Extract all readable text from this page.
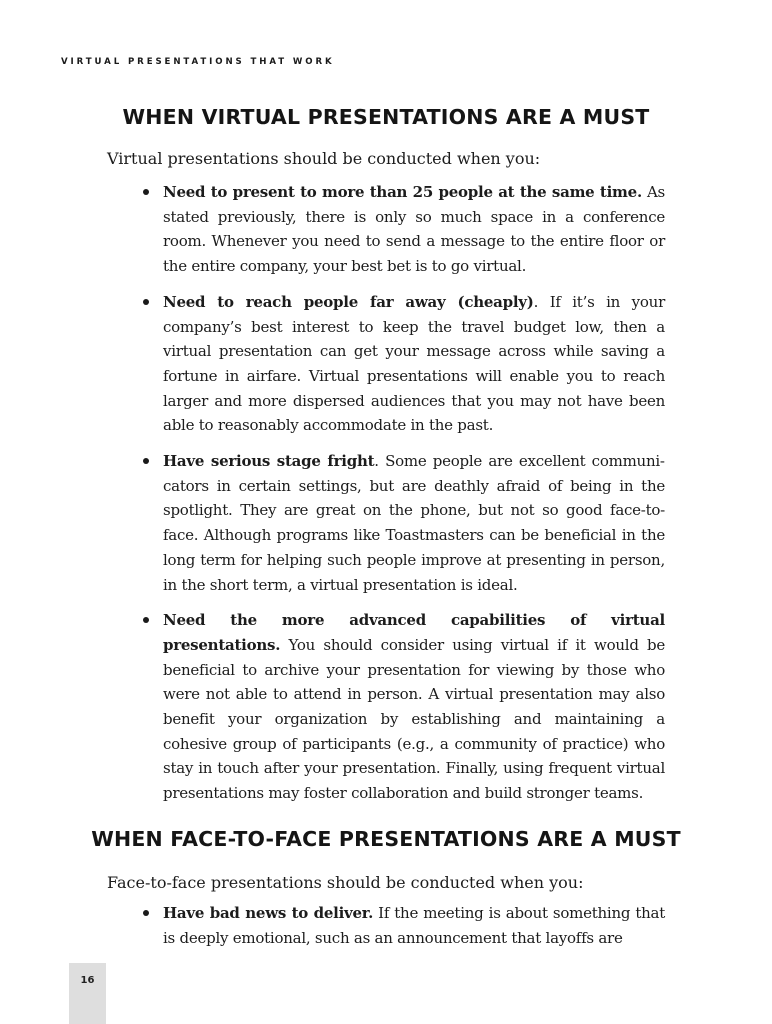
VIRTUAL PRESENTATIONS THAT WORK
WHEN VIRTUAL PRESENTATIONS ARE A MUST

Virtual presentations should be conducted when you:

Need to present to more than 25 people at the same time. As stated previously, there is only so much space in a conference room. Whenever you need to send a message to the entire floor or the entire company, your best bet is to go virtual.

Need to reach people far away (cheaply). If it’s in your company’s best interest to keep the travel budget low, then a virtual presentation can get your message across while saving a fortune in airfare. Virtual presentations will enable you to reach larger and more dispersed audiences that you may not have been able to reasonably accommodate in the past.

Have serious stage fright. Some people are excellent communicators in certain settings, but are deathly afraid of being in the spotlight. They are great on the phone, but not so good face-to-face. Although programs like Toastmasters can be beneficial in the long term for helping such people improve at presenting in person, in the short term, a virtual presentation is ideal.

Need the more advanced capabilities of virtual presentations. You should consider using virtual if it would be beneficial to archive your presentation for viewing by those who were not able to attend in person. A virtual presentation may also benefit your organization by establishing and maintaining a cohesive group of participants (e.g., a community of practice) who stay in touch after your presentation. Finally, using frequent virtual presentations may foster collaboration and build stronger teams.

WHEN FACE-TO-FACE PRESENTATIONS ARE A MUST

Face-to-face presentations should be conducted when you:

Have bad news to deliver. If the meeting is about something that is deeply emotional, such as an announcement that layoffs are

16
